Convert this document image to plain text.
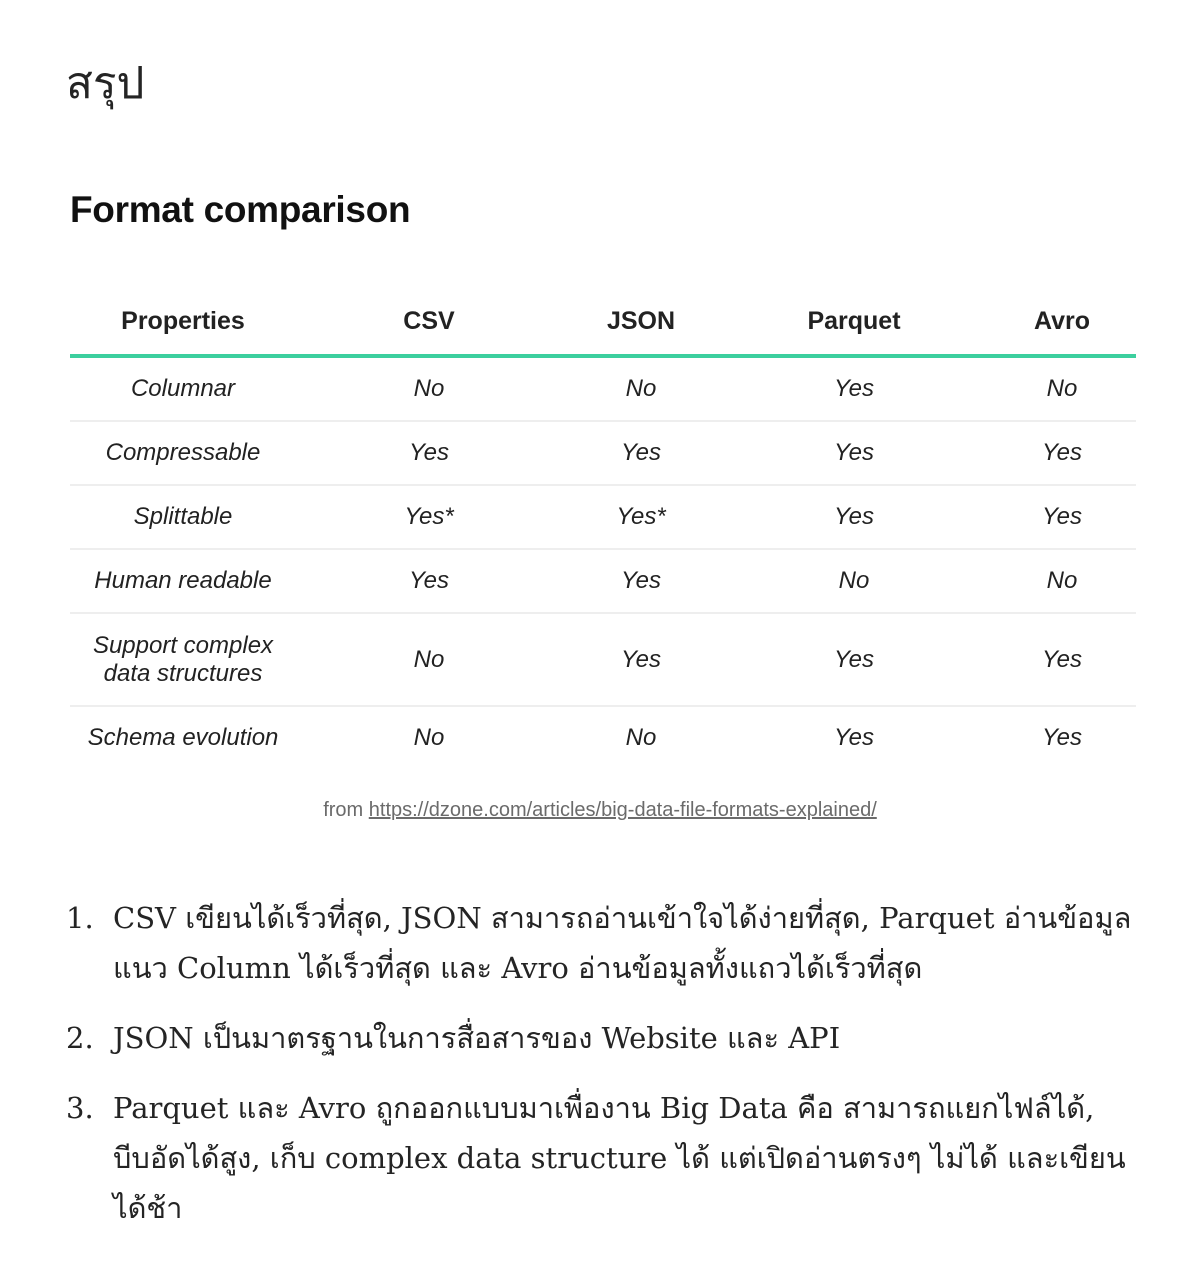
สรุป
Format comparison
Properties	CSV	JSON	Parquet	Avro
Columnar	No	No	Yes	No
Compressable	Yes	Yes	Yes	Yes
Splittable	Yes*	Yes*	Yes	Yes
Human readable	Yes	Yes	No	No
Support complex
data structures	No	Yes	Yes	Yes
Schema evolution	No	No	Yes	Yes
from https://dzone.com/articles/big-data-file-formats-explained/
1. CSV เขียนได้เร็วที่สุด, JSON สามารถอ่านเข้าใจได้ง่ายที่สุด, Parquet อ่านข้อมูลแนว Column ได้เร็วที่สุด และ Avro อ่านข้อมูลทั้งแถวได้เร็วที่สุด
2. JSON เป็นมาตรฐานในการสื่อสารของ Website และ API
3. Parquet และ Avro ถูกออกแบบมาเพื่องาน Big Data คือ สามารถแยกไฟล์ได้, บีบอัดได้สูง, เก็บ complex data structure ได้ แต่เปิดอ่านตรงๆ ไม่ได้ และเขียนได้ช้า
